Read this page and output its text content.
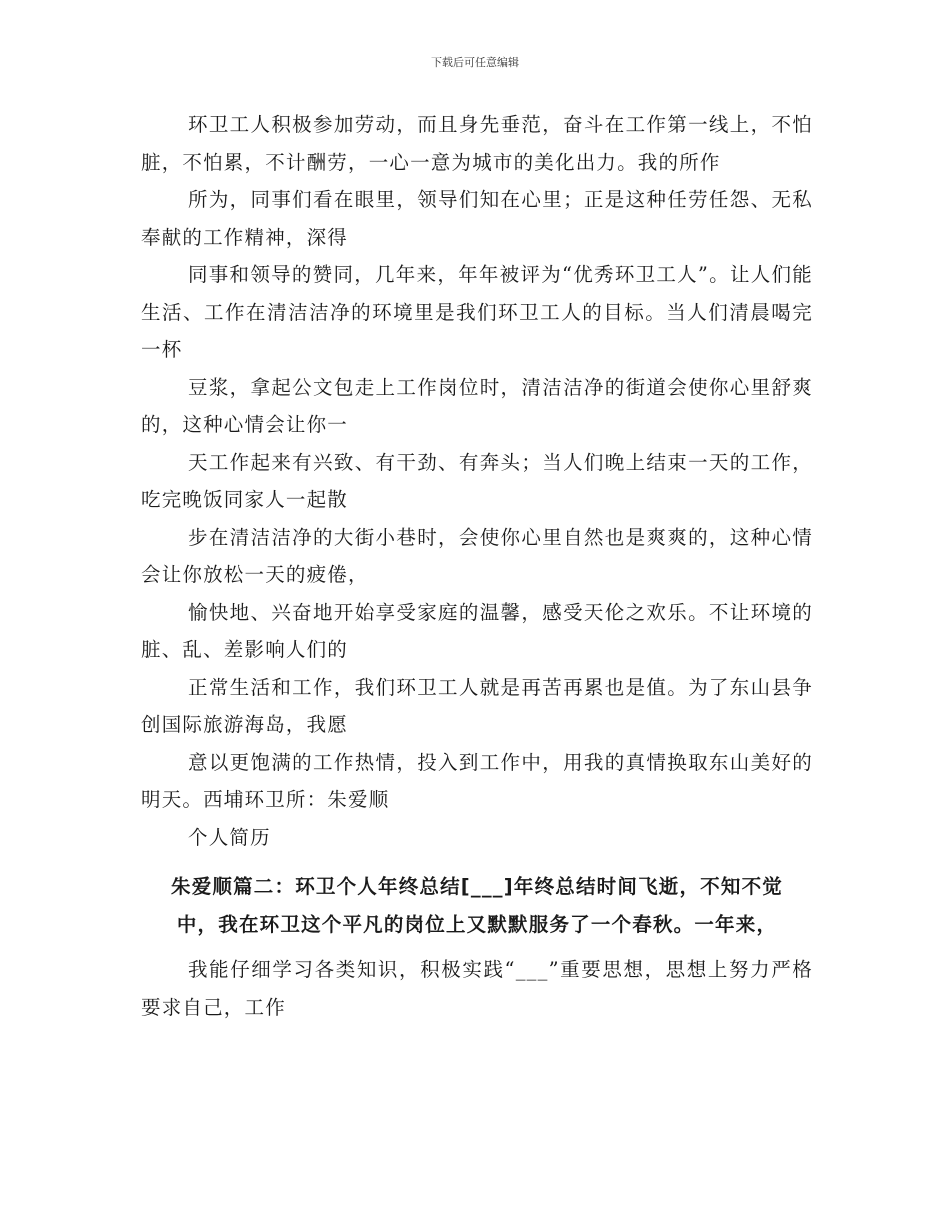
下载后可任意编辑

环卫工人积极参加劳动，而且身先垂范，奋斗在工作第一线上，不怕脏，不怕累，不计酬劳，一心一意为城市的美化出力。我的所作

所为，同事们看在眼里，领导们知在心里；正是这种任劳任怨、无私奉献的工作精神，深得

同事和领导的赞同，几年来，年年被评为“优秀环卫工人”。让人们能生活、工作在清洁洁净的环境里是我们环卫工人的目标。当人们清晨喝完一杯

豆浆，拿起公文包走上工作岗位时，清洁洁净的街道会使你心里舒爽的，这种心情会让你一

天工作起来有兴致、有干劲、有奔头；当人们晚上结束一天的工作，吃完晚饭同家人一起散

步在清洁洁净的大街小巷时，会使你心里自然也是爽爽的，这种心情会让你放松一天的疲倦，

愉快地、兴奋地开始享受家庭的温馨，感受天伦之欢乐。不让环境的脏、乱、差影响人们的

正常生活和工作，我们环卫工人就是再苦再累也是值。为了东山县争创国际旅游海岛，我愿

意以更饱满的工作热情，投入到工作中，用我的真情换取东山美好的明天。西埔环卫所：朱爱顺

个人简历

朱爱顺篇二：环卫个人年终总结[___]年终总结时间飞逝，不知不觉中，我在环卫这个平凡的岗位上又默默服务了一个春秋。一年来，

我能仔细学习各类知识，积极实践“___”重要思想，思想上努力严格要求自己，工作
